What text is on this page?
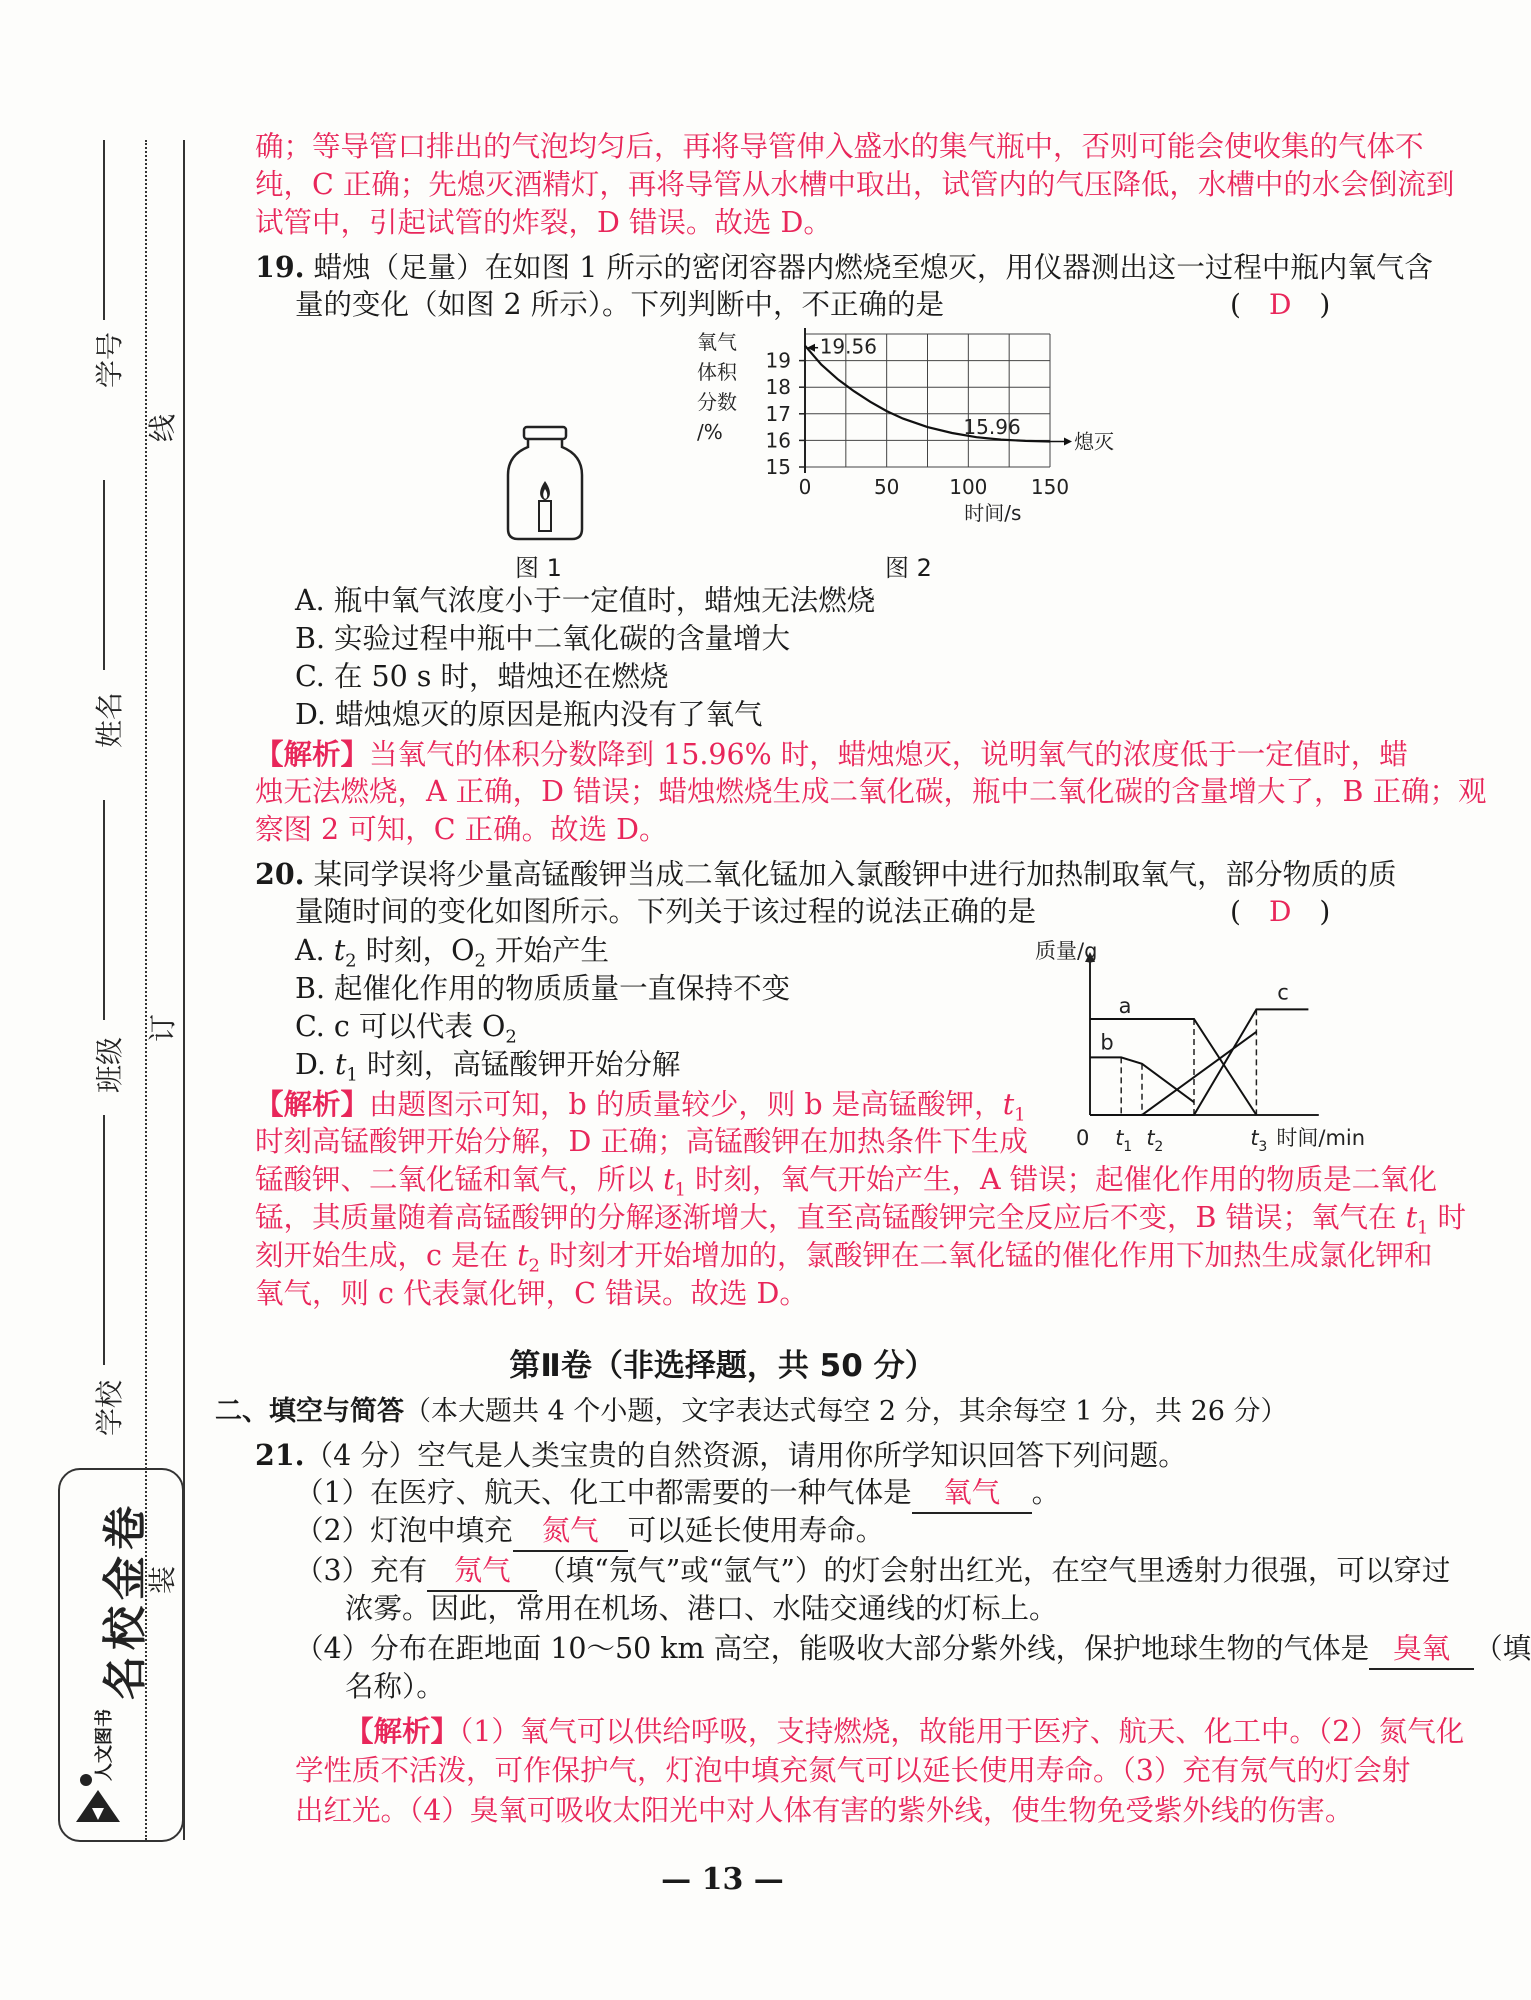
学号
线
姓名
班级
订
学校
装
名校金卷
人文图书
确；等导管口排出的气泡均匀后，再将导管伸入盛水的集气瓶中，否则可能会使收集的气体不
纯，C 正确；先熄灭酒精灯，再将导管从水槽中取出，试管内的气压降低，水槽中的水会倒流到
试管中，引起试管的炸裂，D 错误。故选 D。
19. 蜡烛（足量）在如图 1 所示的密闭容器内燃烧至熄灭，用仪器测出这一过程中瓶内氧气含
量的变化（如图 2 所示）。下列判断中，不正确的是	(　D　)
图 1
15
16
17
18
19
0	50 100 150
时间/s
氧气
体积
分数
/%
19.56
15.96
熄灭
图 2
A. 瓶中氧气浓度小于一定值时，蜡烛无法燃烧
B. 实验过程中瓶中二氧化碳的含量增大
C. 在 50 s 时，蜡烛还在燃烧
D. 蜡烛熄灭的原因是瓶内没有了氧气
【解析】当氧气的体积分数降到 15.96% 时，蜡烛熄灭，说明氧气的浓度低于一定值时，蜡
烛无法燃烧，A 正确，D 错误；蜡烛燃烧生成二氧化碳，瓶中二氧化碳的含量增大了，B 正确；观
察图 2 可知，C 正确。故选 D。
20. 某同学误将少量高锰酸钾当成二氧化锰加入氯酸钾中进行加热制取氧气，部分物质的质
量随时间的变化如图所示。下列关于该过程的说法正确的是	(　D　)
A. $t_2$ 时刻，$O_2$ 开始产生
B. 起催化作用的物质质量一直保持不变
C. c 可以代表 $O_2$
D. $t_1$ 时刻，高锰酸钾开始分解
质量/g
a
b
c
0 t 1 t 2	t 3 时间/min
【解析】由题图示可知，b 的质量较少，则 b 是高锰酸钾，$t_1$
时刻高锰酸钾开始分解，D 正确；高锰酸钾在加热条件下生成
锰酸钾、二氧化锰和氧气，所以 $t_1$ 时刻，氧气开始产生，A 错误；起催化作用的物质是二氧化
锰，其质量随着高锰酸钾的分解逐渐增大，直至高锰酸钾完全反应后不变，B 错误；氧气在 $t_1$ 时
刻开始生成，c 是在 $t_2$ 时刻才开始增加的，氯酸钾在二氧化锰的催化作用下加热生成氯化钾和
氧气，则 c 代表氯化钾，C 错误。故选 D。
第Ⅱ卷（非选择题，共 50 分）
二、填空与简答（本大题共 4 个小题，文字表达式每空 2 分，其余每空 1 分，共 26 分）
21.（4 分）空气是人类宝贵的自然资源，请用你所学知识回答下列问题。
（1）在医疗、航天、化工中都需要的一种气体是 氧气 。
（2）灯泡中填充 氮气 可以延长使用寿命。
（3）充有 氖气 （填“氖气”或“氩气”）的灯会射出红光，在空气里透射力很强，可以穿过
浓雾。因此，常用在机场、港口、水陆交通线的灯标上。
（4）分布在距地面 10～50 km 高空，能吸收大部分紫外线，保护地球生物的气体是 臭氧 （填
名称）。
【解析】（1）氧气可以供给呼吸，支持燃烧，故能用于医疗、航天、化工中。（2）氮气化
学性质不活泼，可作保护气，灯泡中填充氮气可以延长使用寿命。（3）充有氖气的灯会射
出红光。（4）臭氧可吸收太阳光中对人体有害的紫外线，使生物免受紫外线的伤害。
— 13 —
